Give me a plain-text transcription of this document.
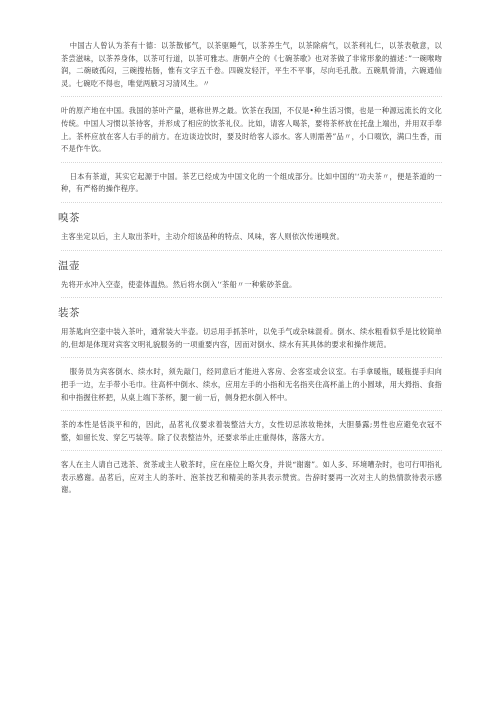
中国古人曾认为茶有十德：以茶散郁气，以茶驱睡气，以茶养生气，以茶除病气，以茶利礼仁，以茶表敬意，以茶尝滋味，以茶养身体，以茶可行道，以茶可雅志。唐朝卢仝的《七碗茶歌》也对茶做了非常形象的描述：”一碗喉吻润，二碗破孤闷，三碗搜枯肠，惟有文字五千卷。四碗发轻汗，平生不平事，尽向毛孔散。五碗肌骨清，六碗通仙灵。七碗吃不得也，唯觉两腋习习清风生。〃

叶的原产地在中国。我国的茶叶产量，堪称世界之最。饮茶在我国，不仅是•种生活习惯，也是一种源远流长的文化传统。中国人习惯以茶待客，并形成了相应的饮茶礼仪。比如，请客人喝茶，要将茶杯放在托盘上端出，并用双手奉上。茶杯应放在客人右手的前方。在边谈边饮时，要及时给客人添水。客人则需善”品〃，小口啜饮，满口生香，而不是作牛饮。

日本有茶道，其实它起源于中国。茶艺已经成为中国文化的一个组成部分。比如中国的'‘功夫茶〃，便是茶道的一种，有严格的操作程序。

嗅茶

主客坐定以后，主人取出茶叶，主动介绍该品种的特点、风味，客人则依次传递嗅赏。

温壶

先将开水冲入空壶，使壶体温热。然后将水倒入'‘茶船〃一种紫砂茶盘。

装茶

用茶匙向空壶中装入茶叶，通常装大半壶。切忌用手抓茶叶，以免手气或杂味混肴。倒水、续水粗看似乎是比较简单的,但却是体现对宾客文明礼貌服务的一项重要内容，因而对倒水、续水有其具体的要求和操作规范。

服务员为宾客倒水、续水时，须先敲门，经同意后才能进入客房、会客室或会议室。右手拿暖瓶，暖瓶提手归向把手一边，左手带小毛巾。往高杯中倒水、续水，应用左手的小指和无名指夹住高杯盖上的小圆球，用大拇指、食指和中指握住杯把，从桌上端下茶杯，腿一前一后，侧身把水倒入杯中。

茶的本性是恬淡平和的，因此，品茗礼仪要求着装整洁大方，女性切忌浓妆艳抹，大胆暴露;男性也应避免衣冠不整，如留长发、穿乞丐装等。除了仪表整洁外，还要求举止庄重得体，落落大方。

客人在主人请自己选茶、赏茶或主人敬茶时，应在座位上略欠身，并说“谢谢”。如人多、环境嘈杂时，也可行叩指礼表示感谢。品茗后，应对主人的茶叶、泡茶技艺和精美的茶具表示赞赏。告辞时要再一次对主人的热情款待表示感谢。
